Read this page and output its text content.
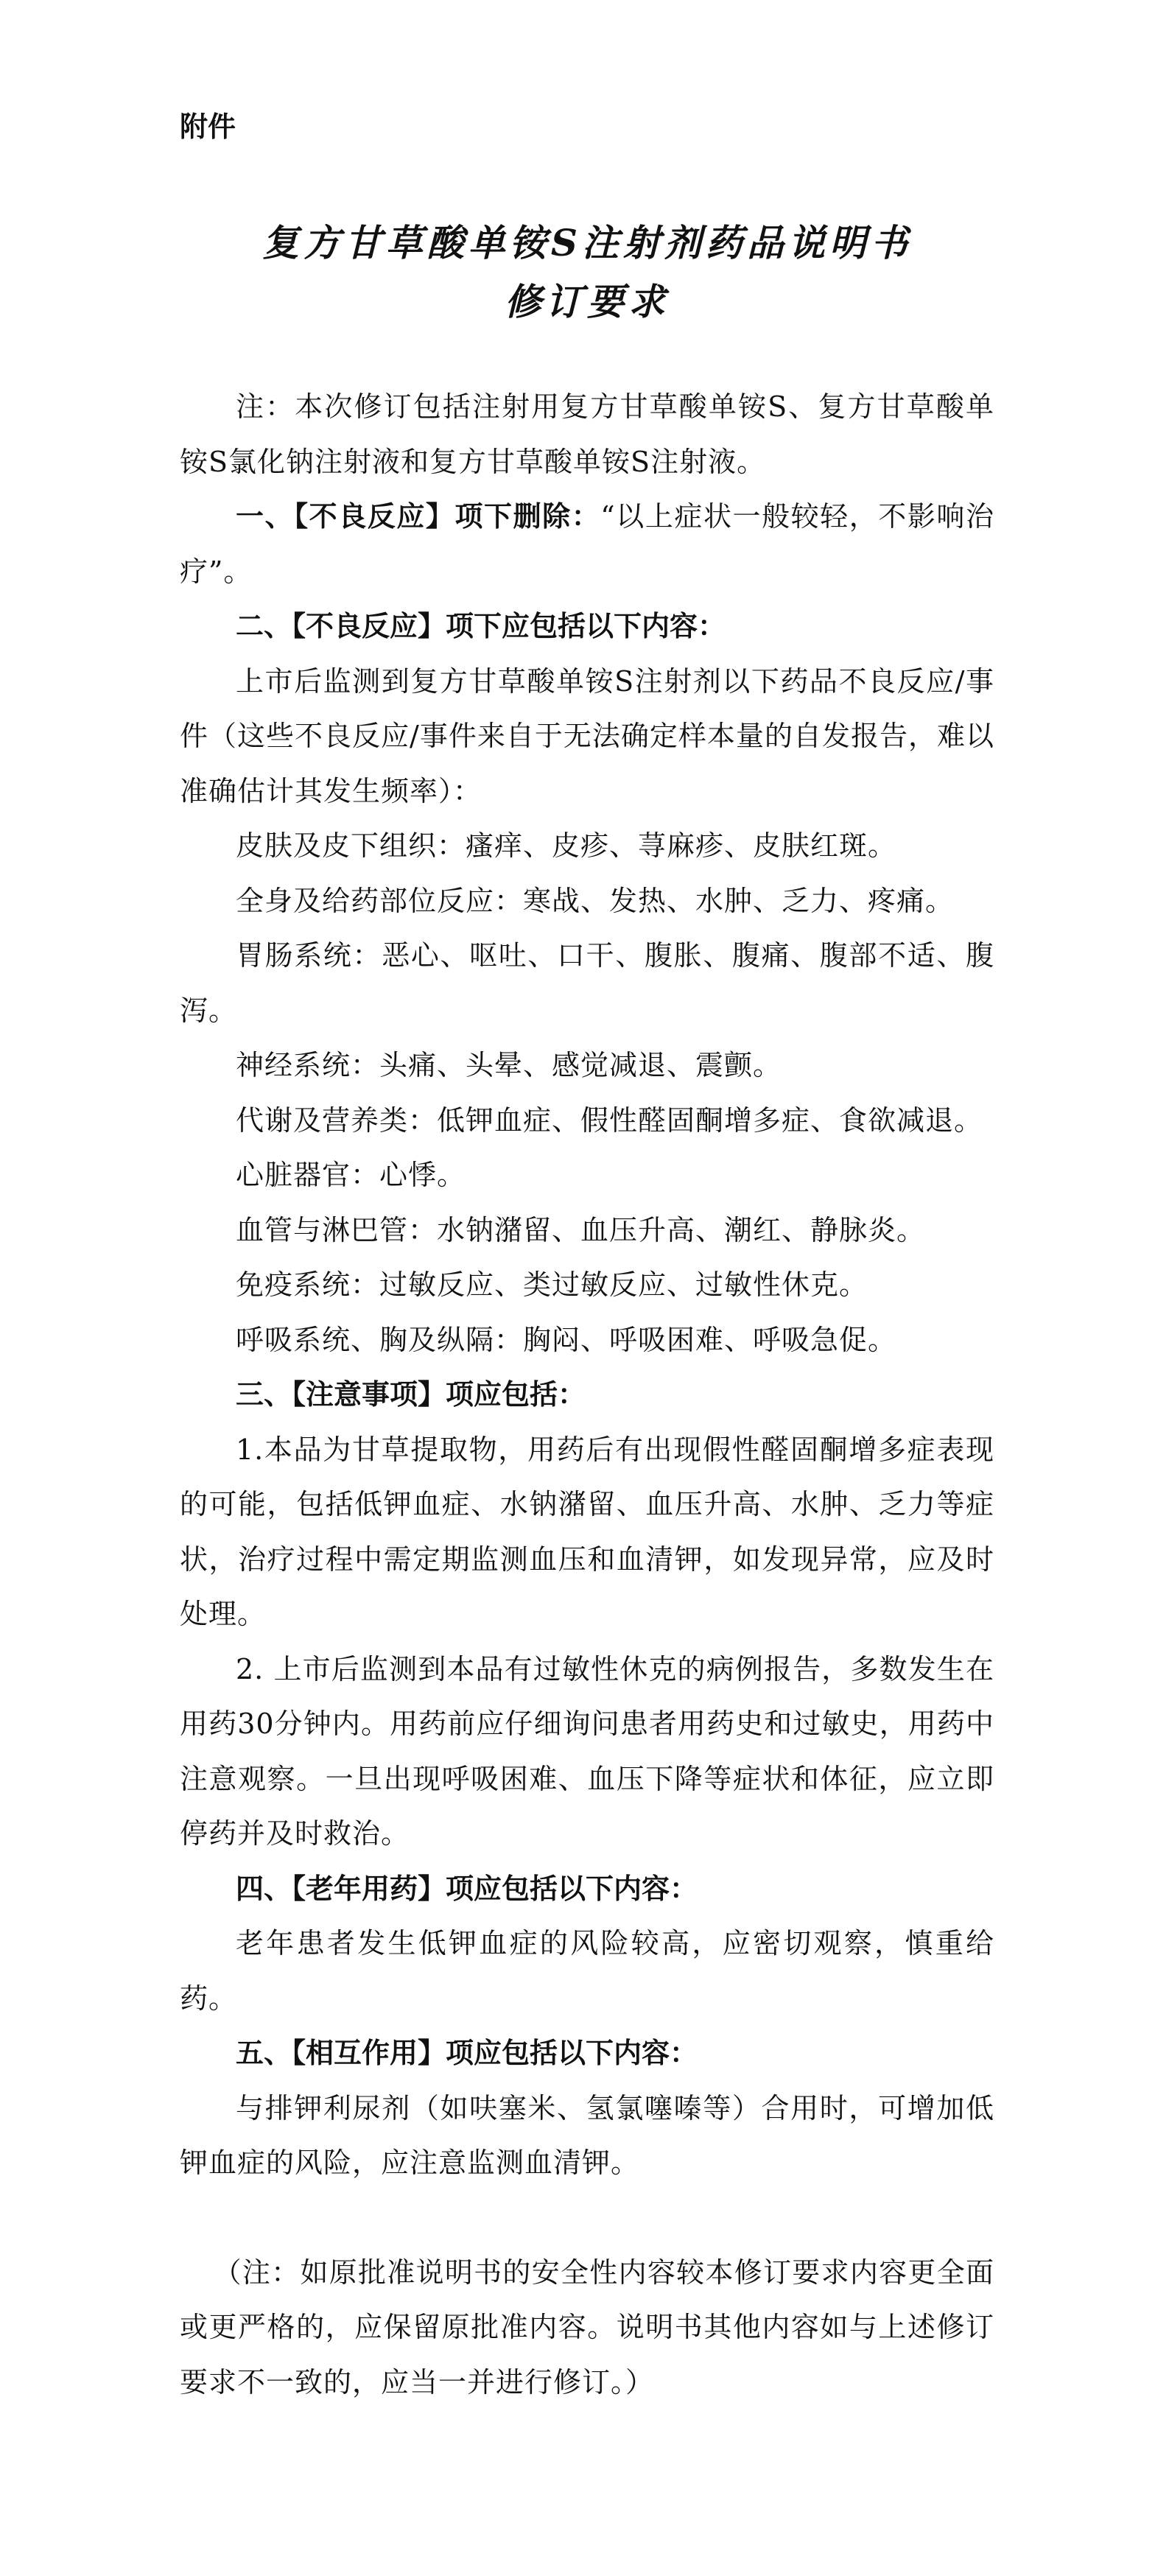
附件

复方甘草酸单铵S注射剂药品说明书
修订要求

注：本次修订包括注射用复方甘草酸单铵S、复方甘草酸单铵S氯化钠注射液和复方甘草酸单铵S注射液。

一、【不良反应】项下删除：“以上症状一般较轻，不影响治疗”。

二、【不良反应】项下应包括以下内容：

上市后监测到复方甘草酸单铵S注射剂以下药品不良反应/事件（这些不良反应/事件来自于无法确定样本量的自发报告，难以准确估计其发生频率）：

皮肤及皮下组织：瘙痒、皮疹、荨麻疹、皮肤红斑。

全身及给药部位反应：寒战、发热、水肿、乏力、疼痛。

胃肠系统：恶心、呕吐、口干、腹胀、腹痛、腹部不适、腹泻。

神经系统：头痛、头晕、感觉减退、震颤。

代谢及营养类：低钾血症、假性醛固酮增多症、食欲减退。

心脏器官：心悸。

血管与淋巴管：水钠潴留、血压升高、潮红、静脉炎。

免疫系统：过敏反应、类过敏反应、过敏性休克。

呼吸系统、胸及纵隔：胸闷、呼吸困难、呼吸急促。

三、【注意事项】项应包括：

1.本品为甘草提取物，用药后有出现假性醛固酮增多症表现的可能，包括低钾血症、水钠潴留、血压升高、水肿、乏力等症状，治疗过程中需定期监测血压和血清钾，如发现异常，应及时处理。

2. 上市后监测到本品有过敏性休克的病例报告，多数发生在用药30分钟内。用药前应仔细询问患者用药史和过敏史，用药中注意观察。一旦出现呼吸困难、血压下降等症状和体征，应立即停药并及时救治。

四、【老年用药】项应包括以下内容：

老年患者发生低钾血症的风险较高，应密切观察，慎重给药。

五、【相互作用】项应包括以下内容：

与排钾利尿剂（如呋塞米、氢氯噻嗪等）合用时，可增加低钾血症的风险，应注意监测血清钾。

（注：如原批准说明书的安全性内容较本修订要求内容更全面或更严格的，应保留原批准内容。说明书其他内容如与上述修订要求不一致的，应当一并进行修订。）
